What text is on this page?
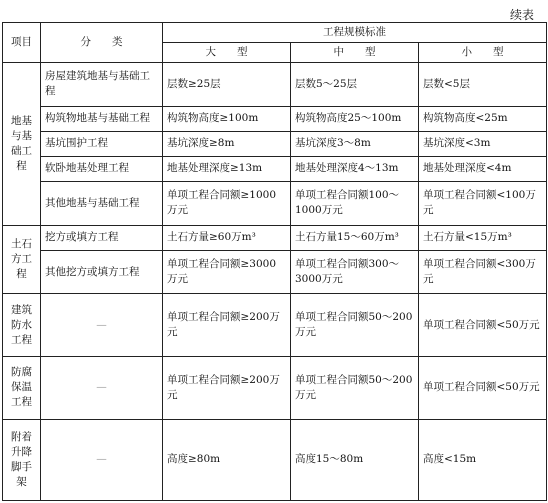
续表
项目	分　　类	工程规模标准		
		大　　型	中　　型	小　　型
地基与基础工程	房屋建筑地基与基础工程	层数≥25层	层数5～25层	层数<5层
	构筑物地基与基础工程	构筑物高度≥100m	构筑物高度25～100m	构筑物高度<25m
	基坑围护工程	基坑深度≥8m	基坑深度3～8m	基坑深度<3m
	软卧地基处理工程	地基处理深度≥13m	地基处理深度4～13m	地基处理深度<4m
	其他地基与基础工程	单项工程合同额≥1000万元	单项工程合同额100～1000万元	单项工程合同额<100万元
土石方工程	挖方或填方工程	土石方量≥60万m³	土石方量15～60万m³	土石方量<15万m³
	其他挖方或填方工程	单项工程合同额≥3000万元	单项工程合同额300～3000万元	单项工程合同额<300万元
建筑防水工程	—	单项工程合同额≥200万元	单项工程合同额50～200万元	单项工程合同额<50万元
防腐保温工程	—	单项工程合同额≥200万元	单项工程合同额50～200万元	单项工程合同额<50万元
附着升降脚手架	—	高度≥80m	高度15～80m	高度<15m
